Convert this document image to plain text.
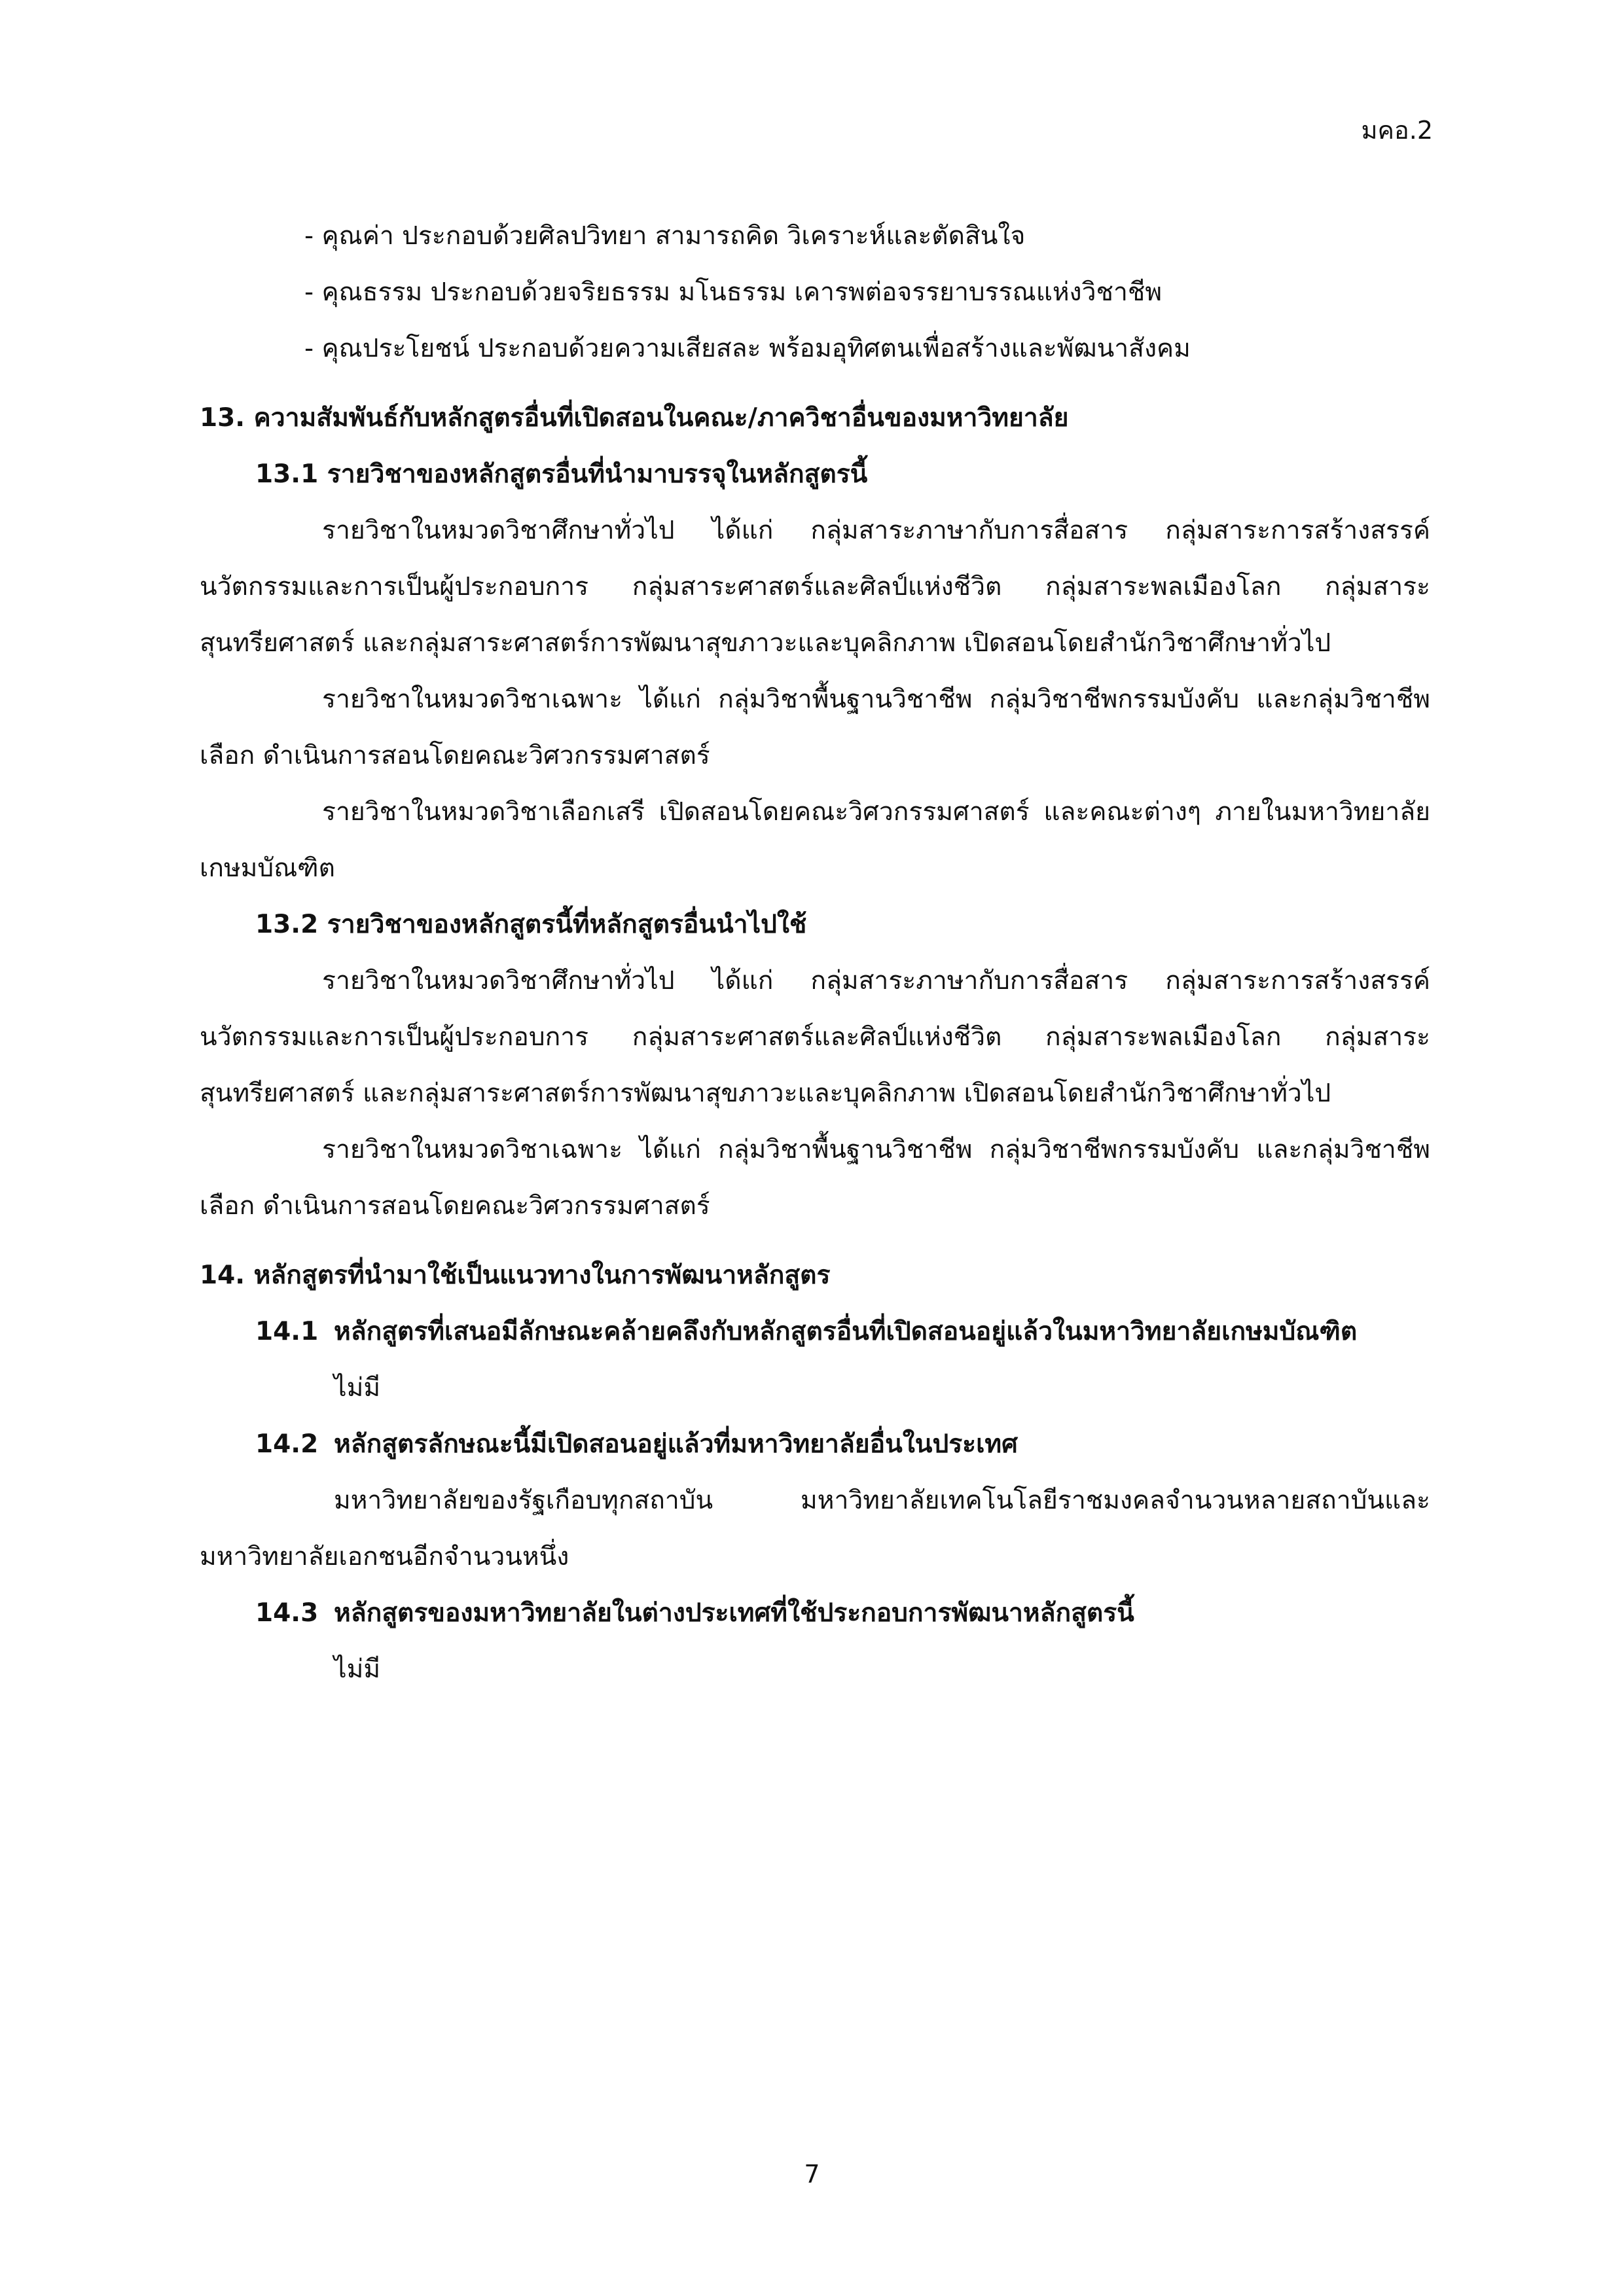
มคอ.2
- คุณค่า ประกอบด้วยศิลปวิทยา สามารถคิด วิเคราะห์และตัดสินใจ
- คุณธรรม ประกอบด้วยจริยธรรม มโนธรรม เคารพต่อจรรยาบรรณแห่งวิชาชีพ
- คุณประโยชน์ ประกอบด้วยความเสียสละ พร้อมอุทิศตนเพื่อสร้างและพัฒนาสังคม
13. ความสัมพันธ์กับหลักสูตรอื่นที่เปิดสอนในคณะ/ภาควิชาอื่นของมหาวิทยาลัย
13.1 รายวิชาของหลักสูตรอื่นที่นำมาบรรจุในหลักสูตรนี้
รายวิชาในหมวดวิชาศึกษาทั่วไป ได้แก่ กลุ่มสาระภาษากับการสื่อสาร กลุ่มสาระการสร้างสรรค์นวัตกรรมและการเป็นผู้ประกอบการ กลุ่มสาระศาสตร์และศิลป์แห่งชีวิต กลุ่มสาระพลเมืองโลก กลุ่มสาระสุนทรียศาสตร์ และกลุ่มสาระศาสตร์การพัฒนาสุขภาวะและบุคลิกภาพ เปิดสอนโดยสำนักวิชาศึกษาทั่วไป
รายวิชาในหมวดวิชาเฉพาะ ได้แก่ กลุ่มวิชาพื้นฐานวิชาชีพ กลุ่มวิชาชีพกรรมบังคับ และกลุ่มวิชาชีพเลือก ดำเนินการสอนโดยคณะวิศวกรรมศาสตร์
รายวิชาในหมวดวิชาเลือกเสรี เปิดสอนโดยคณะวิศวกรรมศาสตร์ และคณะต่างๆ ภายในมหาวิทยาลัยเกษมบัณฑิต
13.2 รายวิชาของหลักสูตรนี้ที่หลักสูตรอื่นนำไปใช้
รายวิชาในหมวดวิชาศึกษาทั่วไป ได้แก่ กลุ่มสาระภาษากับการสื่อสาร กลุ่มสาระการสร้างสรรค์นวัตกรรมและการเป็นผู้ประกอบการ กลุ่มสาระศาสตร์และศิลป์แห่งชีวิต กลุ่มสาระพลเมืองโลก กลุ่มสาระสุนทรียศาสตร์ และกลุ่มสาระศาสตร์การพัฒนาสุขภาวะและบุคลิกภาพ เปิดสอนโดยสำนักวิชาศึกษาทั่วไป
รายวิชาในหมวดวิชาเฉพาะ ได้แก่ กลุ่มวิชาพื้นฐานวิชาชีพ กลุ่มวิชาชีพกรรมบังคับ และกลุ่มวิชาชีพเลือก ดำเนินการสอนโดยคณะวิศวกรรมศาสตร์
14. หลักสูตรที่นำมาใช้เป็นแนวทางในการพัฒนาหลักสูตร
14.1 หลักสูตรที่เสนอมีลักษณะคล้ายคลึงกับหลักสูตรอื่นที่เปิดสอนอยู่แล้วในมหาวิทยาลัยเกษมบัณฑิต
ไม่มี
14.2 หลักสูตรลักษณะนี้มีเปิดสอนอยู่แล้วที่มหาวิทยาลัยอื่นในประเทศ
มหาวิทยาลัยของรัฐเกือบทุกสถาบัน มหาวิทยาลัยเทคโนโลยีราชมงคลจำนวนหลายสถาบันและมหาวิทยาลัยเอกชนอีกจำนวนหนึ่ง
14.3 หลักสูตรของมหาวิทยาลัยในต่างประเทศที่ใช้ประกอบการพัฒนาหลักสูตรนี้
ไม่มี
7
